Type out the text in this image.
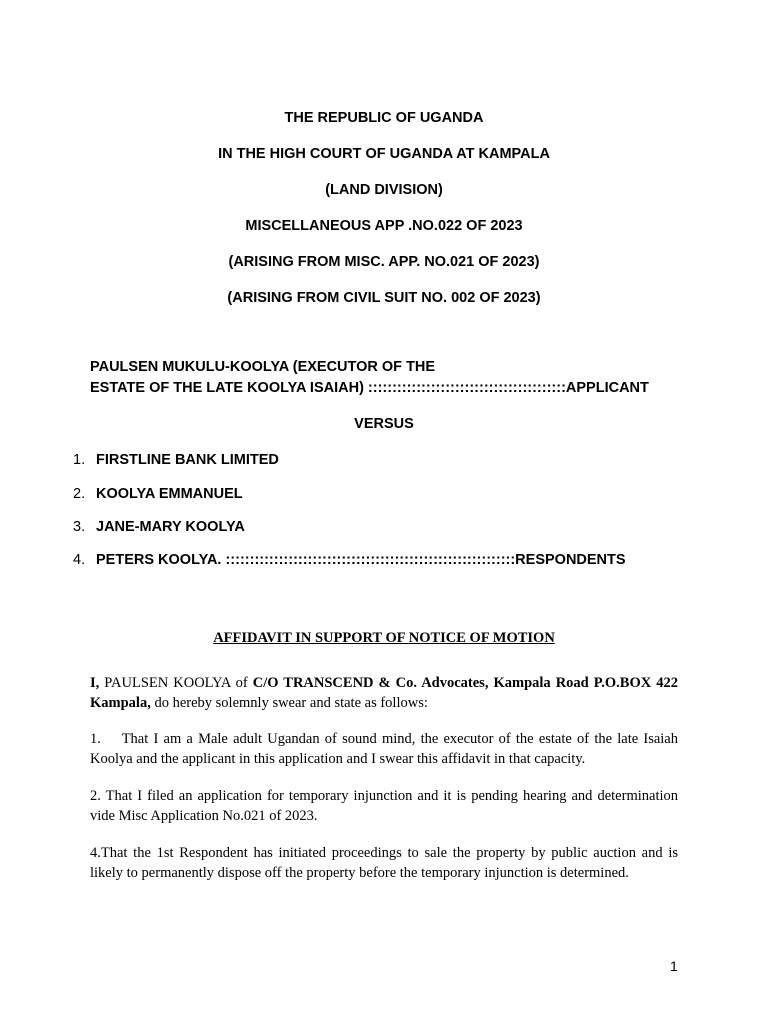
THE REPUBLIC OF UGANDA
IN THE HIGH COURT OF UGANDA AT KAMPALA
(LAND DIVISION)
MISCELLANEOUS APP .NO.022 OF 2023
(ARISING FROM MISC. APP. NO.021 OF 2023)
(ARISING FROM CIVIL SUIT NO. 002 OF 2023)
PAULSEN MUKULU-KOOLYA (EXECUTOR OF THE
ESTATE OF THE LATE KOOLYA ISAIAH) :::::::::::::::::::::::::::::::::::::::::APPLICANT
VERSUS
1. FIRSTLINE BANK LIMITED
2. KOOLYA EMMANUEL
3. JANE-MARY KOOLYA
4. PETERS KOOLYA. ::::::::::::::::::::::::::::::::::::::::::::::::::::::::::::RESPONDENTS
AFFIDAVIT IN SUPPORT OF NOTICE OF MOTION
I, PAULSEN KOOLYA of C/O TRANSCEND & Co. Advocates, Kampala Road P.O.BOX 422 Kampala, do hereby solemnly swear and state as follows:
1.    That I am a Male adult Ugandan of sound mind, the executor of the estate of the late Isaiah Koolya and the applicant in this application and I swear this affidavit in that capacity.
2. That I filed an application for temporary injunction and it is pending hearing and determination vide Misc Application No.021 of 2023.
4.That the 1st Respondent has initiated proceedings to sale the property by public auction and is likely to permanently dispose off the property before the temporary injunction is determined.
1
